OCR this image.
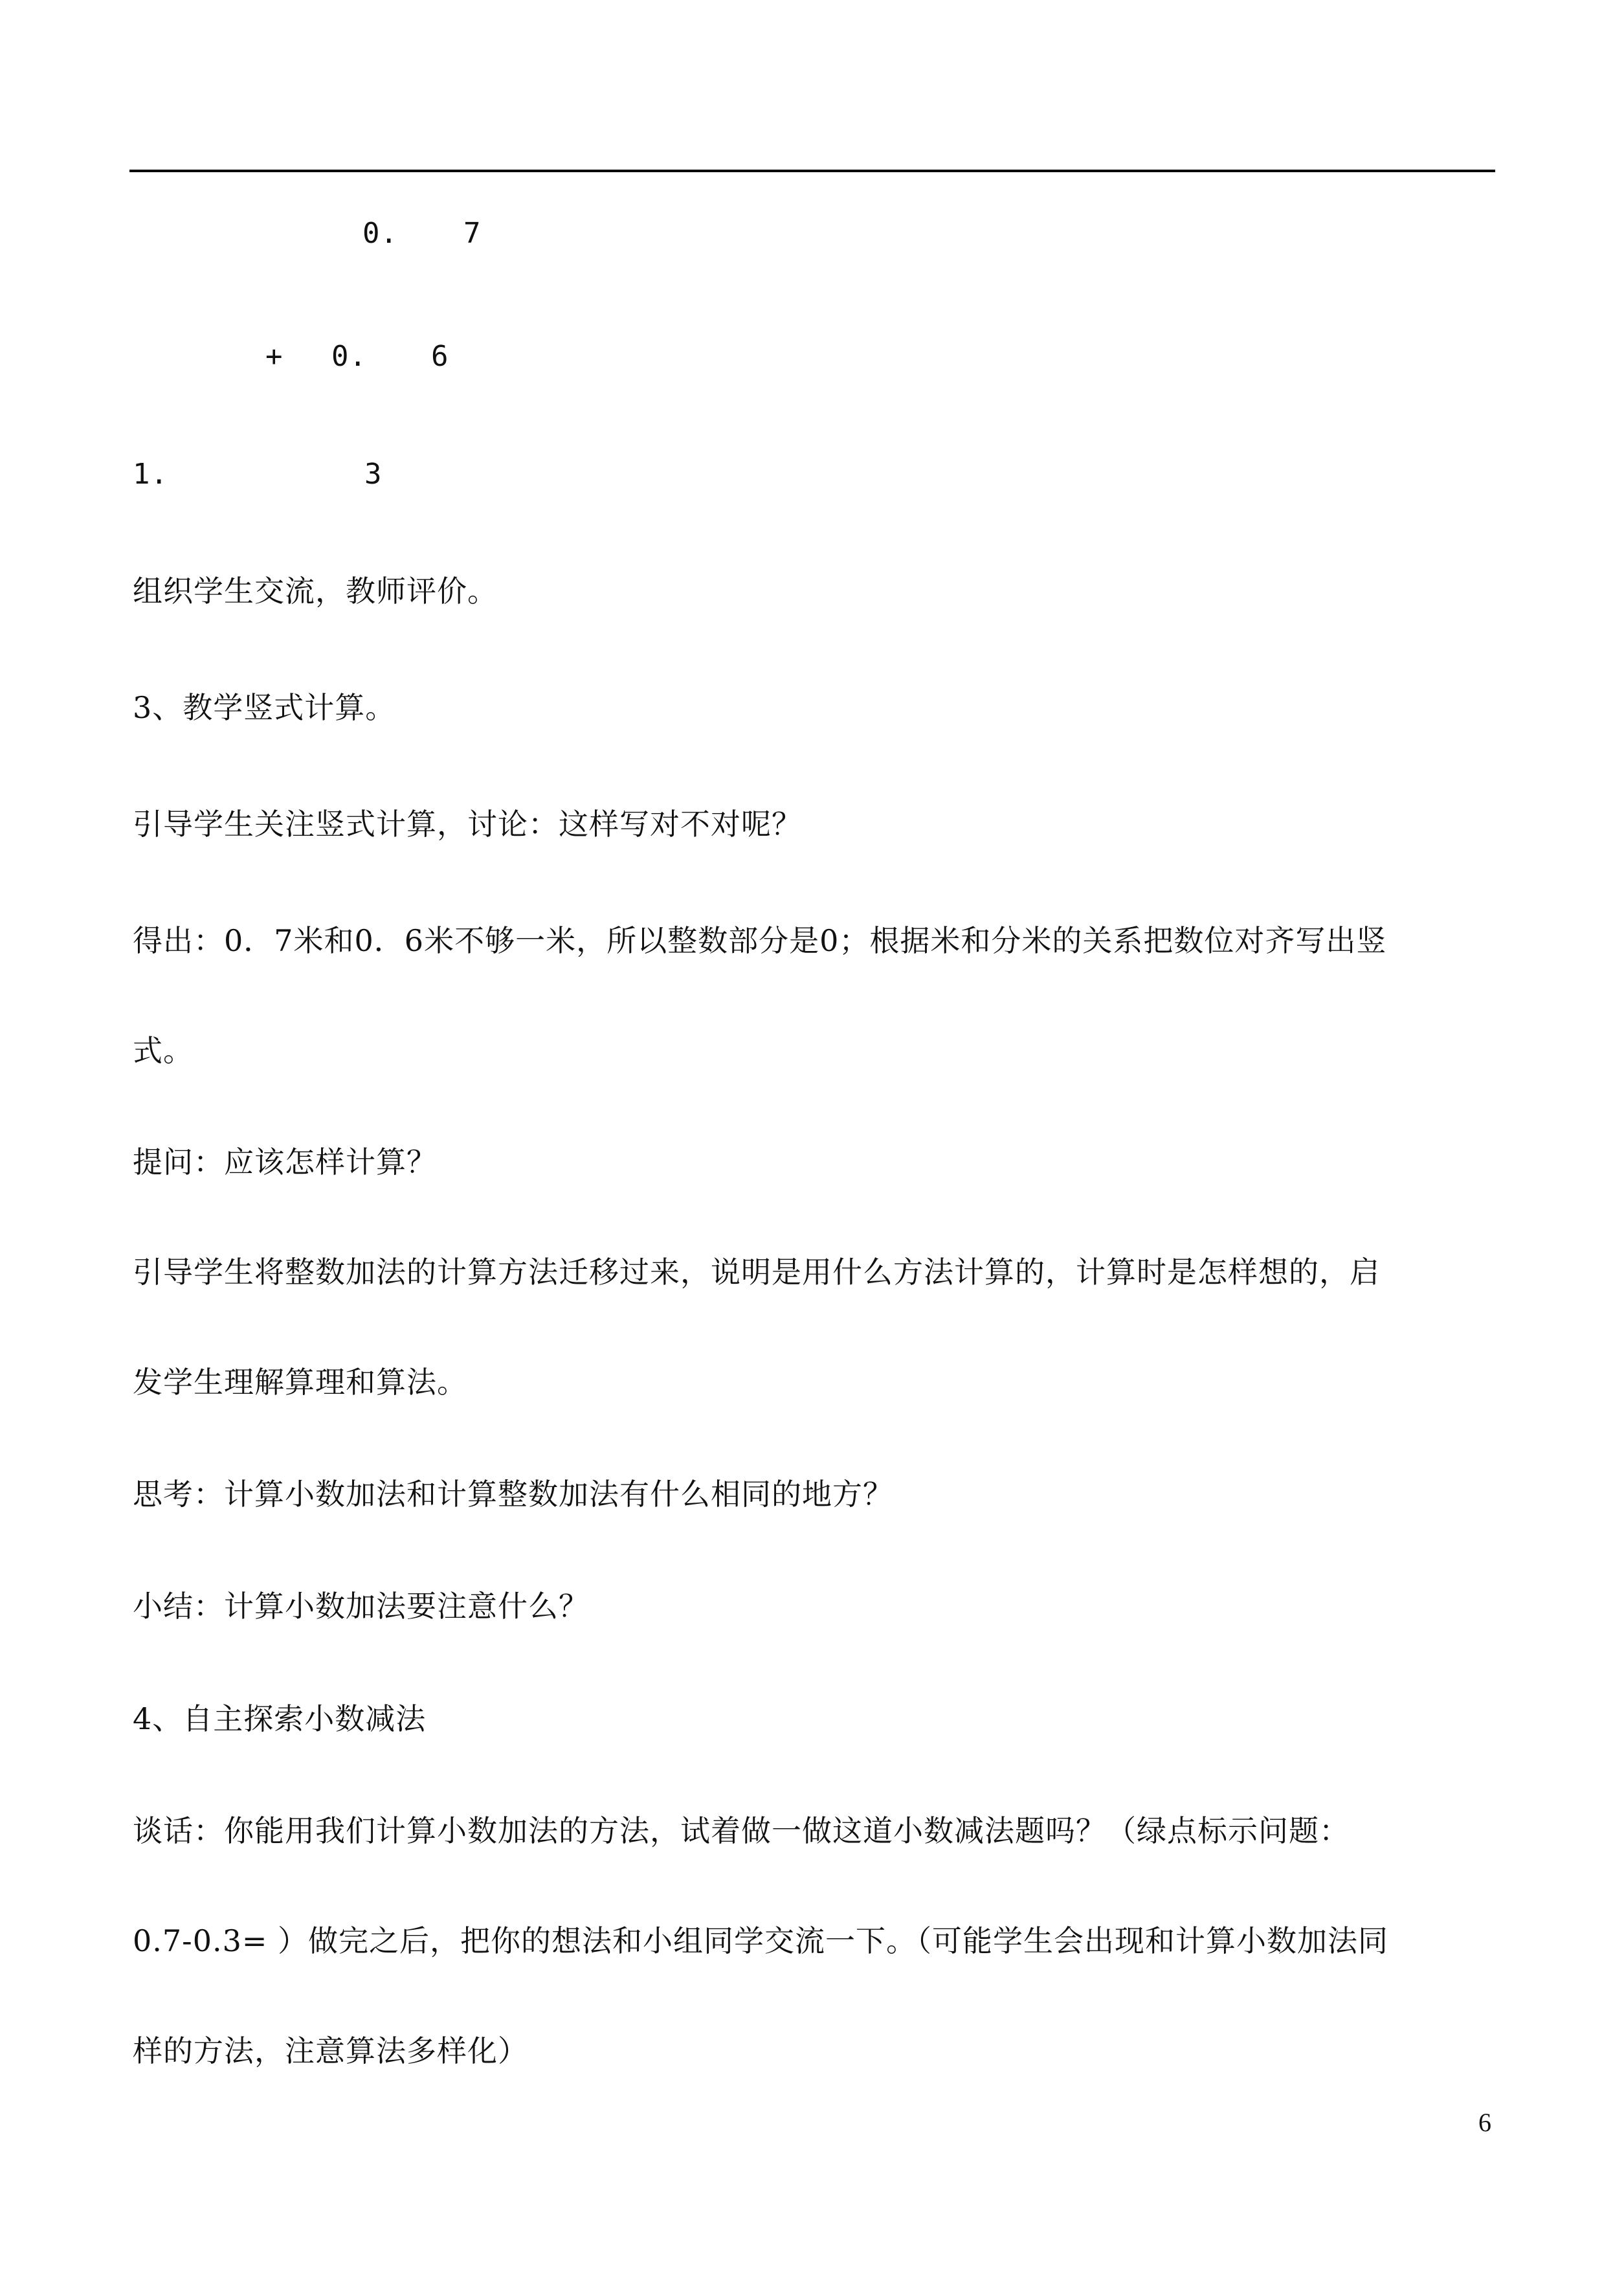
0. 7
+ 0. 6
1.	3
组织学生交流，教师评价。
3、教学竖式计算。
引导学生关注竖式计算，讨论：这样写对不对呢？
得出：0．7米和0．6米不够一米，所以整数部分是0；根据米和分米的关系把数位对齐写出竖
式。
提问：应该怎样计算？
引导学生将整数加法的计算方法迁移过来，说明是用什么方法计算的，计算时是怎样想的，启
发学生理解算理和算法。
思考：计算小数加法和计算整数加法有什么相同的地方？
小结：计算小数加法要注意什么？
4、自主探索小数减法
谈话：你能用我们计算小数加法的方法，试着做一做这道小数减法题吗？（绿点标示问题：
0.7-0.3= ）做完之后，把你的想法和小组同学交流一下。（可能学生会出现和计算小数加法同
样的方法，注意算法多样化）
6
